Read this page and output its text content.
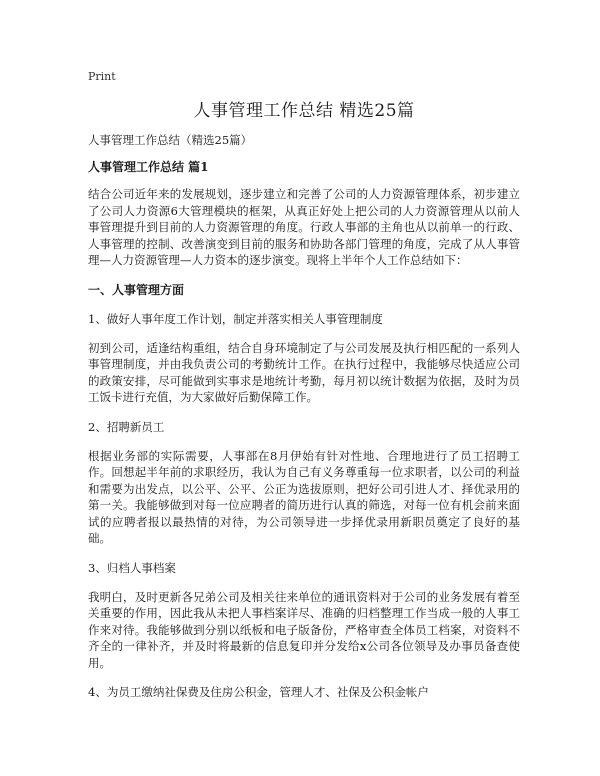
Print

人事管理工作总结 精选25篇

人事管理工作总结（精选25篇）

人事管理工作总结 篇1

结合公司近年来的发展规划，逐步建立和完善了公司的人力资源管理体系，初步建立了公司人力资源6大管理模块的框架，从真正好处上把公司的人力资源管理从以前人事管理提升到目前的人力资源管理的角度。行政人事部的主角也从以前单一的行政、人事管理的控制、改善演变到目前的服务和协助各部门管理的角度，完成了从人事管理—人力资源管理—人力资本的逐步演变。现将上半年个人工作总结如下：

一、人事管理方面

1、做好人事年度工作计划，制定并落实相关人事管理制度

初到公司，适逢结构重组，结合自身环境制定了与公司发展及执行相匹配的一系列人事管理制度，并由我负责公司的考勤统计工作。在执行过程中，我能够尽快适应公司的政策安排，尽可能做到实事求是地统计考勤，每月初以统计数据为依据，及时为员工饭卡进行充值，为大家做好后勤保障工作。

2、招聘新员工

根据业务部的实际需要，人事部在8月伊始有针对性地、合理地进行了员工招聘工作。回想起半年前的求职经历，我认为自己有义务尊重每一位求职者，以公司的利益和需要为出发点，以公平、公平、公正为选拔原则，把好公司引进人才、择优录用的第一关。我能够做到对每一位应聘者的简历进行认真的筛选，对每一位有机会前来面试的应聘者报以最热情的对待，为公司领导进一步择优录用新职员奠定了良好的基础。

3、归档人事档案

我明白，及时更新各兄弟公司及相关往来单位的通讯资料对于公司的业务发展有着至关重要的作用，因此我从未把人事档案详尽、准确的归档整理工作当成一般的人事工作来对待。我能够做到分别以纸板和电子版备份，严格审查全体员工档案，对资料不齐全的一律补齐，并及时将最新的信息复印并分发给x公司各位领导及办事员备查使用。

4、为员工缴纳社保费及住房公积金，管理人才、社保及公积金帐户
